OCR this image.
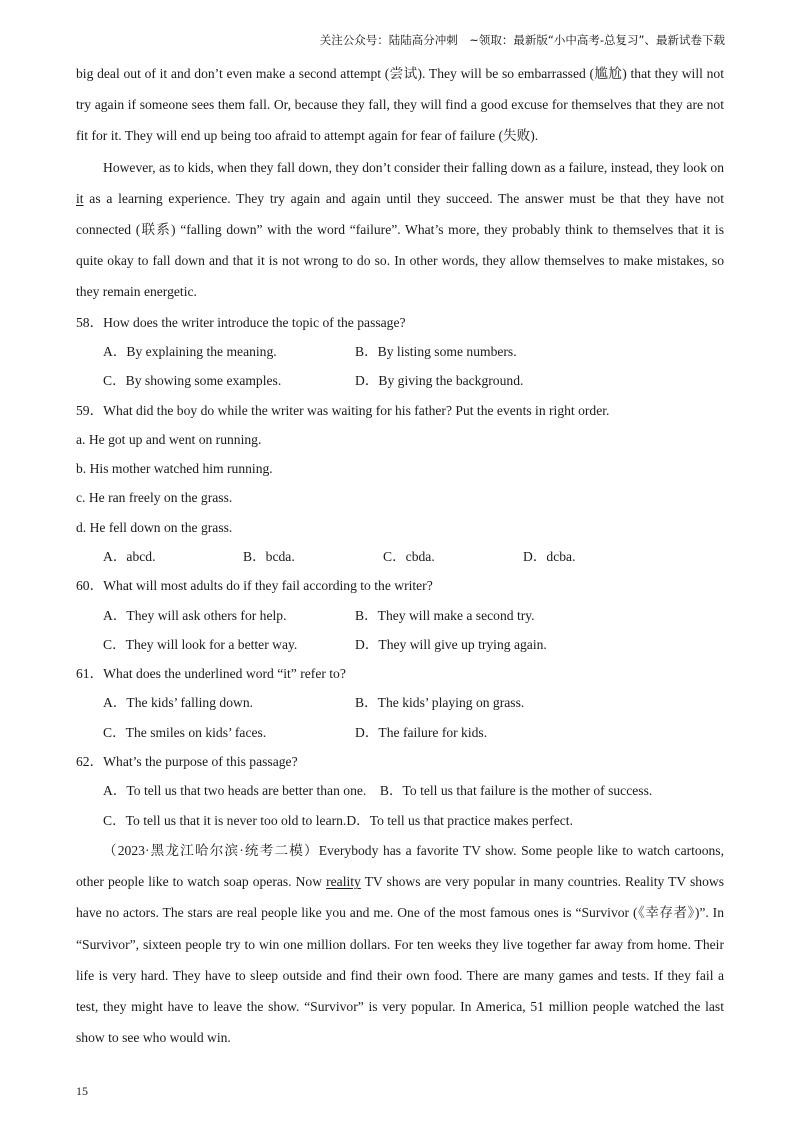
关注公众号：陆陆高分冲刺　~领取：最新版“小中高考-总复习”、最新试卷下载

big deal out of it and don’t even make a second attempt (尝试). They will be so embarrassed (尴尬) that they will not try again if someone sees them fall. Or, because they fall, they will find a good excuse for themselves that they are not fit for it. They will end up being too afraid to attempt again for fear of failure (失败).

However, as to kids, when they fall down, they don’t consider their falling down as a failure, instead, they look on it as a learning experience. They try again and again until they succeed. The answer must be that they have not connected (联系) “falling down” with the word “failure”. What’s more, they probably think to themselves that it is quite okay to fall down and that it is not wrong to do so. In other words, they allow themselves to make mistakes, so they remain energetic.

58．How does the writer introduce the topic of the passage?

A．By explaining the meaning.	B．By listing some numbers.
C．By showing some examples.	D．By giving the background.

59．What did the boy do while the writer was waiting for his father? Put the events in right order.

a. He got up and went on running.

b. His mother watched him running.

c. He ran freely on the grass.

d. He fell down on the grass.

A．abcd.	B．bcda.	C．cbda.	D．dcba.

60．What will most adults do if they fail according to the writer?

A．They will ask others for help.	B．They will make a second try.
C．They will look for a better way.	D．They will give up trying again.

61．What does the underlined word “it” refer to?

A．The kids’ falling down.	B．The kids’ playing on grass.
C．The smiles on kids’ faces.	D．The failure for kids.

62．What’s the purpose of this passage?

A．To tell us that two heads are better than one.　B．To tell us that failure is the mother of success.
C．To tell us that it is never too old to learn.D．To tell us that practice makes perfect.

（2023·黑龙江哈尔滨·统考二模）Everybody has a favorite TV show. Some people like to watch cartoons, other people like to watch soap operas. Now reality TV shows are very popular in many countries. Reality TV shows have no actors. The stars are real people like you and me. One of the most famous ones is “Survivor (《幸存者》)”. In “Survivor”, sixteen people try to win one million dollars. For ten weeks they live together far away from home. Their life is very hard. They have to sleep outside and find their own food. There are many games and tests. If they fail a test, they might have to leave the show. “Survivor” is very popular. In America, 51 million people watched the last show to see who would win.

15
